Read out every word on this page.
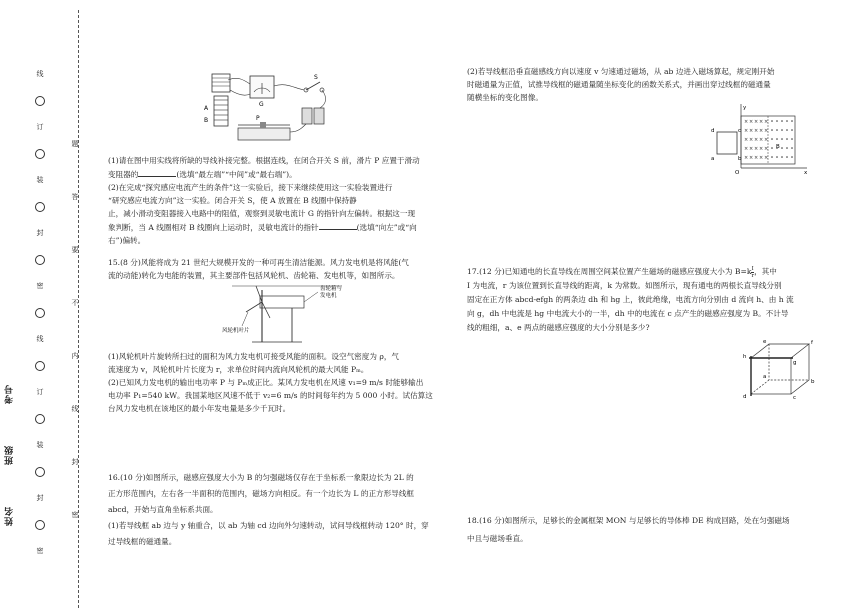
线
订
装
封
密
线
订
装
封
密
题
答
要
不
内
线
封
密
考号
班级
姓名
A
B
G
S
P

(1)请在图中用实线将所缺的导线补接完整。根据连线，在闭合开关 S 前，滑片 P 应置于滑动

变阻器的	(选填“最左端”“中间”或“最右端”)。

(2)在完成“探究感应电流产生的条件”这一实验后，接下来继续使用这一实验装置进行

“研究感应电流方向”这一实验。闭合开关 S，使 A 放置在 B 线圈中保持静

止，减小滑动变阻器接入电路中的阻值，观察到灵敏电流计 G 的指针向左偏转。根据这一现

象判断，当 A 线圈相对 B 线圈向上运动时，灵敏电流计的指针	(选填“向左”或“向

右”)偏转。

15.(8 分)风能将成为 21 世纪大规模开发的一种可再生清洁能源。风力发电机是将风能(气

流的动能)转化为电能的装置，其主要部件包括风轮机、齿轮箱、发电机等，如图所示。

齿轮箱与
发电机
风轮机叶片

(1)风轮机叶片旋转所扫过的面积为风力发电机可接受风能的面积。设空气密度为 ρ，气

流速度为 v，风轮机叶片长度为 r，求单位时间内流向风轮机的最大风能 Pₘ。

(2)已知风力发电机的输出电功率 P 与 Pₘ成正比。某风力发电机在风速 v₁=9 m/s 时能够输出

电功率 P₁=540 kW。我国某地区风速不低于 v₂=6 m/s 的时间每年约为 5 000 小时。试估算这

台风力发电机在该地区的最小年发电量是多少千瓦时。

16.(10 分)如图所示，磁感应强度大小为 B 的匀强磁场仅存在于坐标系一象限边长为 2L 的

正方形范围内，左右各一半面积的范围内，磁场方向相反。有一个边长为 L 的正方形导线框

abcd，开始与直角坐标系共面。

(1)若导线框 ab 边与 y 轴重合，以 ab 为轴 cd 边向外匀速转动，试问导线框转动 120° 时，穿

过导线框的磁通量。

(2)若导线框沿垂直磁感线方向以速度 v 匀速通过磁场，从 ab 边进入磁场算起，规定刚开始

时磁通量为正值，试推导线框的磁通量随坐标变化的函数关系式，并画出穿过线框的磁通量

随横坐标的变化图像。

y
x
O
× × × × ×
× × × × ×
× × × × ×
× × × × ×
× × × × ×
d	c
a	b
B

17.(12 分)已知通电的长直导线在周围空间某位置产生磁场的磁感应强度大小为 $B=k \frac{I}{r}$ ，其中

I 为电流，r 为该位置到长直导线的距离，k 为常数。如图所示，现有通电的两根长直导线分别

固定在正方体 abcd-efgh 的两条边 dh 和 hg 上，彼此绝缘，电流方向分别由 d 流向 h、由 h 流

向 g，dh 中电流是 hg 中电流大小的一半，dh 中的电流在 c 点产生的磁感应强度为 B。不计导

线的粗细，a、e 两点的磁感应强度的大小分别是多少?

h
g
e	f
d	c
a
b

18.(16 分)如图所示，足够长的金属框架 MON 与足够长的导体棒 DE 构成回路，处在匀强磁场

中且与磁场垂直。
